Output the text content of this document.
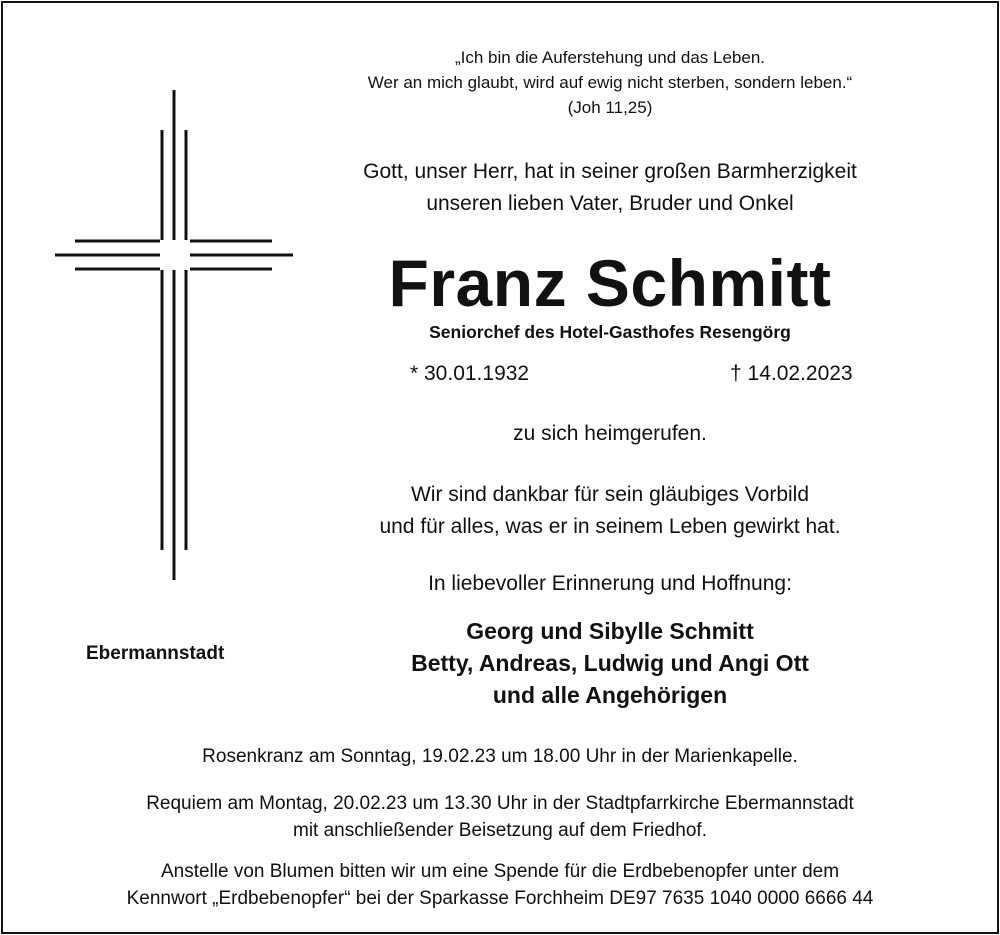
„Ich bin die Auferstehung und das Leben.
Wer an mich glaubt, wird auf ewig nicht sterben, sondern leben.“
(Joh 11,25)
Gott, unser Herr, hat in seiner großen Barmherzigkeit
unseren lieben Vater, Bruder und Onkel
Franz Schmitt
Seniorchef des Hotel-Gasthofes Resengörg
* 30.01.1932	† 14.02.2023
zu sich heimgerufen.
Wir sind dankbar für sein gläubiges Vorbild
und für alles, was er in seinem Leben gewirkt hat.
In liebevoller Erinnerung und Hoffnung:
Georg und Sibylle Schmitt
Betty, Andreas, Ludwig und Angi Ott
und alle Angehörigen
Ebermannstadt
Rosenkranz am Sonntag, 19.02.23 um 18.00 Uhr in der Marienkapelle.
Requiem am Montag, 20.02.23 um 13.30 Uhr in der Stadtpfarrkirche Ebermannstadt
mit anschließender Beisetzung auf dem Friedhof.
Anstelle von Blumen bitten wir um eine Spende für die Erdbebenopfer unter dem
Kennwort „Erdbebenopfer“ bei der Sparkasse Forchheim DE97 7635 1040 0000 6666 44
